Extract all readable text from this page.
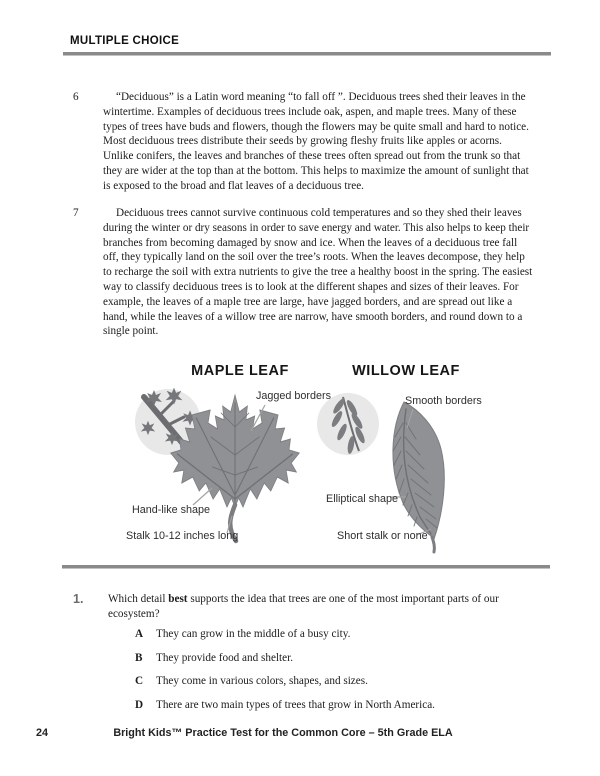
MULTIPLE CHOICE
6	“Deciduous” is a Latin word meaning “to fall off ”. Deciduous trees shed their leaves in the wintertime. Examples of deciduous trees include oak, aspen, and maple trees. Many of these types of trees have buds and flowers, though the flowers may be quite small and hard to notice. Most deciduous trees distribute their seeds by growing fleshy fruits like apples or acorns. Unlike conifers, the leaves and branches of these trees often spread out from the trunk so that they are wider at the top than at the bottom. This helps to maximize the amount of sunlight that is exposed to the broad and flat leaves of a deciduous tree.
7	Deciduous trees cannot survive continuous cold temperatures and so they shed their leaves during the winter or dry seasons in order to save energy and water. This also helps to keep their branches from becoming damaged by snow and ice. When the leaves of a deciduous tree fall off, they typically land on the soil over the tree’s roots. When the leaves decompose, they help to recharge the soil with extra nutrients to give the tree a healthy boost in the spring. The easiest way to classify deciduous trees is to look at the different shapes and sizes of their leaves. For example, the leaves of a maple tree are large, have jagged borders, and are spread out like a hand, while the leaves of a willow tree are narrow, have smooth borders, and round down to a single point.
MAPLE LEAF	WILLOW LEAF
Jagged borders	Smooth borders
Hand-like shape
Stalk 10-12 inches long
Elliptical shape
Short stalk or none
1. Which detail best supports the idea that trees are one of the most important parts of our ecosystem?
A	They can grow in the middle of a busy city.
B	They provide food and shelter.
C	They come in various colors, shapes, and sizes.
D	There are two main types of trees that grow in North America.
24	Bright Kids™ Practice Test for the Common Core – 5th Grade ELA
